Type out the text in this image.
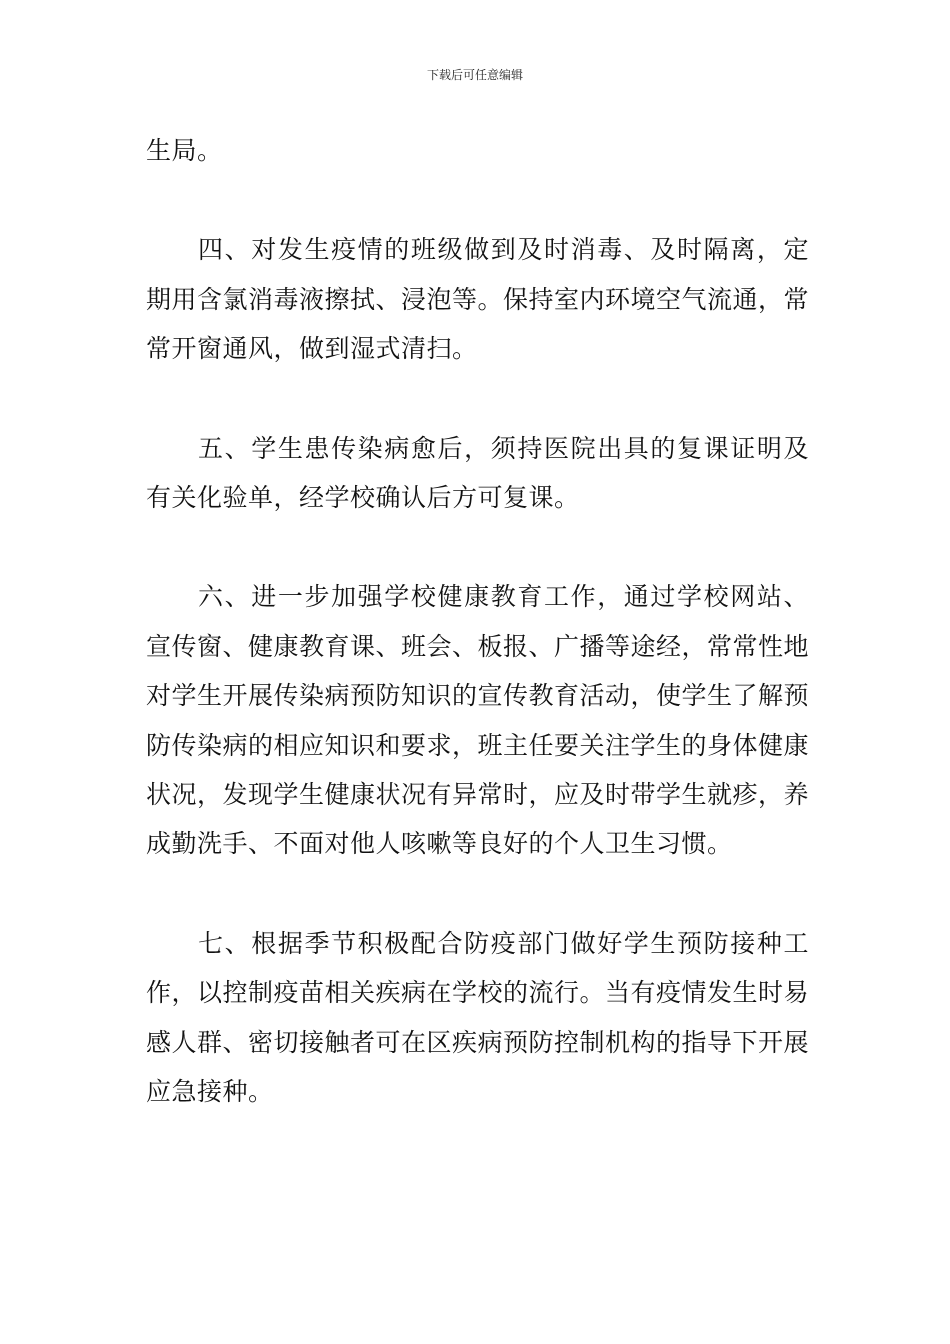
下载后可任意编辑

生局。

四、对发生疫情的班级做到及时消毒、及时隔离，定期用含氯消毒液擦拭、浸泡等。保持室内环境空气流通，常常开窗通风，做到湿式清扫。

五、学生患传染病愈后，须持医院出具的复课证明及有关化验单，经学校确认后方可复课。

六、进一步加强学校健康教育工作，通过学校网站、宣传窗、健康教育课、班会、板报、广播等途经，常常性地对学生开展传染病预防知识的宣传教育活动，使学生了解预防传染病的相应知识和要求，班主任要关注学生的身体健康状况，发现学生健康状况有异常时，应及时带学生就疹，养成勤洗手、不面对他人咳嗽等良好的个人卫生习惯。

七、根据季节积极配合防疫部门做好学生预防接种工作，以控制疫苗相关疾病在学校的流行。当有疫情发生时易感人群、密切接触者可在区疾病预防控制机构的指导下开展应急接种。
